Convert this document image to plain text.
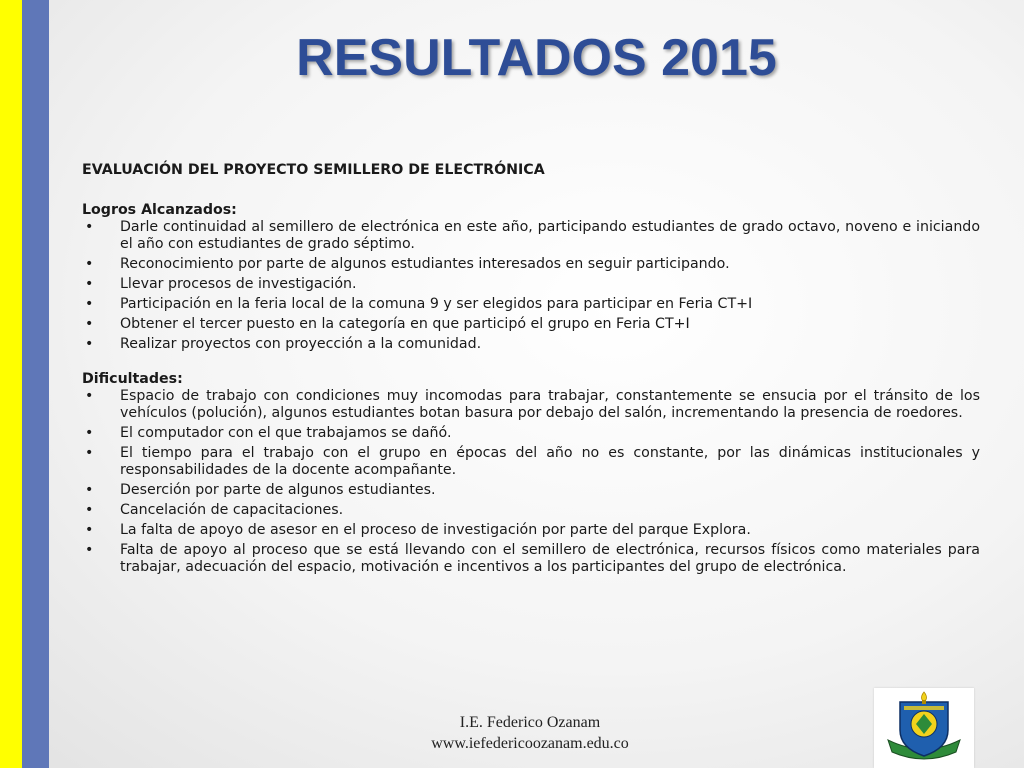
RESULTADOS 2015

EVALUACIÓN DEL PROYECTO SEMILLERO DE ELECTRÓNICA

Logros Alcanzados:

• Darle continuidad al semillero de electrónica en este año, participando estudiantes de grado octavo, noveno e iniciando el año con estudiantes de grado séptimo.
• Reconocimiento por parte de algunos estudiantes interesados en seguir participando.
• Llevar procesos de investigación.
• Participación en la feria local de la comuna 9 y ser elegidos para participar en Feria CT+I
• Obtener el tercer puesto en la categoría en que participó el grupo en Feria CT+I
• Realizar proyectos con proyección a la comunidad.

Dificultades:

• Espacio de trabajo con condiciones muy incomodas para trabajar, constantemente se ensucia por el tránsito de los vehículos (polución), algunos estudiantes botan basura por debajo del salón, incrementando la presencia de roedores.
• El computador con el que trabajamos se dañó.
• El tiempo para el trabajo con el grupo en épocas del año no es constante, por las dinámicas institucionales y responsabilidades de la docente acompañante.
• Deserción por parte de algunos estudiantes.
• Cancelación de capacitaciones.
• La falta de apoyo de asesor en el proceso de investigación por parte del parque Explora.
• Falta de apoyo al proceso que se está llevando con el semillero de electrónica, recursos físicos como materiales para trabajar, adecuación del espacio, motivación e incentivos a los participantes del grupo de electrónica.
I.E. Federico Ozanam
www.iefedericoozanam.edu.co
